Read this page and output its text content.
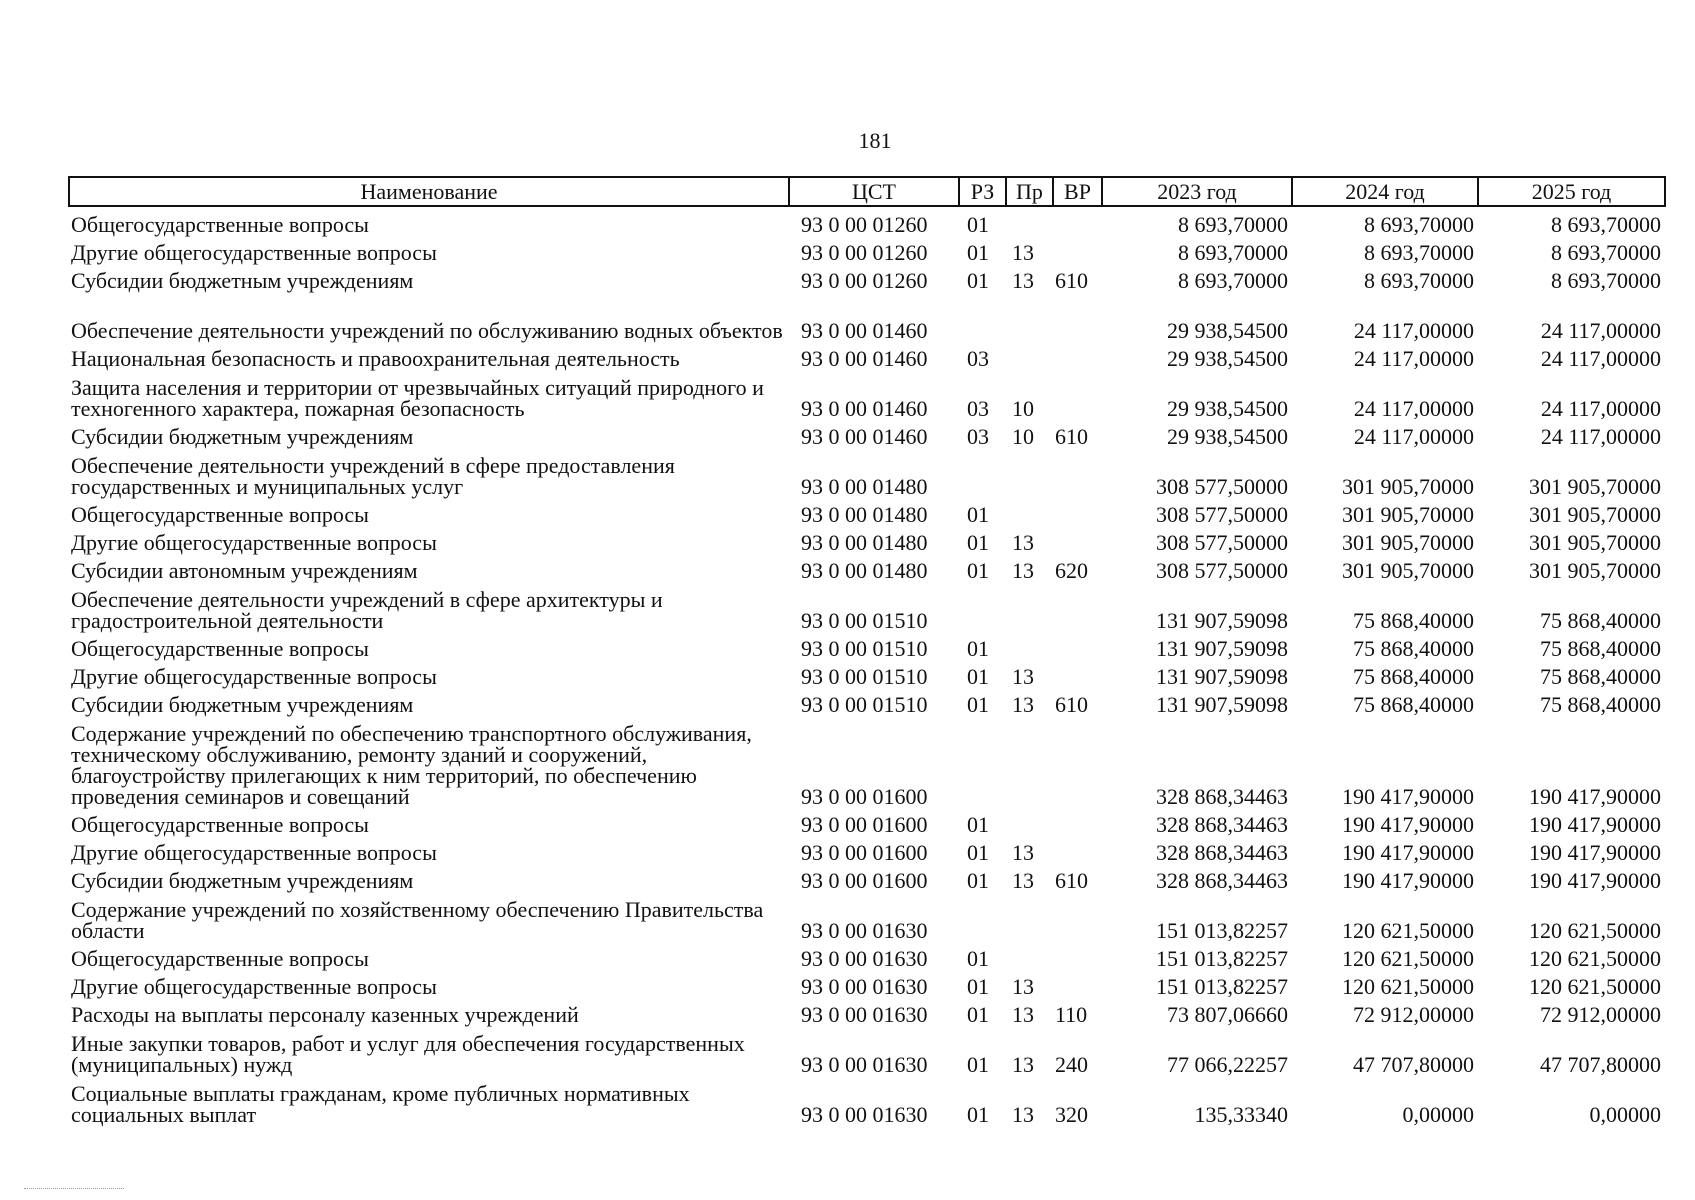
181
Наименование	ЦСТ	РЗ	Пр	ВР	2023 год	2024 год	2025 год
Общегосударственные вопросы	93 0 00 01260	01			8 693,70000	8 693,70000	8 693,70000
Другие общегосударственные вопросы	93 0 00 01260	01	13		8 693,70000	8 693,70000	8 693,70000
Субсидии бюджетным учреждениям	93 0 00 01260	01	13	610	8 693,70000	8 693,70000	8 693,70000
Обеспечение деятельности учреждений по обслуживанию водных объектов	93 0 00 01460				29 938,54500	24 117,00000	24 117,00000
Национальная безопасность и правоохранительная деятельность	93 0 00 01460	03			29 938,54500	24 117,00000	24 117,00000
Защита населения и территории от чрезвычайных ситуаций природного и техногенного характера, пожарная безопасность	93 0 00 01460	03	10		29 938,54500	24 117,00000	24 117,00000
Субсидии бюджетным учреждениям	93 0 00 01460	03	10	610	29 938,54500	24 117,00000	24 117,00000
Обеспечение деятельности учреждений в сфере предоставления государственных и муниципальных услуг	93 0 00 01480				308 577,50000	301 905,70000	301 905,70000
Общегосударственные вопросы	93 0 00 01480	01			308 577,50000	301 905,70000	301 905,70000
Другие общегосударственные вопросы	93 0 00 01480	01	13		308 577,50000	301 905,70000	301 905,70000
Субсидии автономным учреждениям	93 0 00 01480	01	13	620	308 577,50000	301 905,70000	301 905,70000
Обеспечение деятельности учреждений в сфере архитектуры и градостроительной деятельности	93 0 00 01510				131 907,59098	75 868,40000	75 868,40000
Общегосударственные вопросы	93 0 00 01510	01			131 907,59098	75 868,40000	75 868,40000
Другие общегосударственные вопросы	93 0 00 01510	01	13		131 907,59098	75 868,40000	75 868,40000
Субсидии бюджетным учреждениям	93 0 00 01510	01	13	610	131 907,59098	75 868,40000	75 868,40000
Содержание учреждений по обеспечению транспортного обслуживания, техническому обслуживанию, ремонту зданий и сооружений, благоустройству прилегающих к ним территорий, по обеспечению проведения семинаров и совещаний	93 0 00 01600				328 868,34463	190 417,90000	190 417,90000
Общегосударственные вопросы	93 0 00 01600	01			328 868,34463	190 417,90000	190 417,90000
Другие общегосударственные вопросы	93 0 00 01600	01	13		328 868,34463	190 417,90000	190 417,90000
Субсидии бюджетным учреждениям	93 0 00 01600	01	13	610	328 868,34463	190 417,90000	190 417,90000
Содержание учреждений по хозяйственному обеспечению Правительства области	93 0 00 01630				151 013,82257	120 621,50000	120 621,50000
Общегосударственные вопросы	93 0 00 01630	01			151 013,82257	120 621,50000	120 621,50000
Другие общегосударственные вопросы	93 0 00 01630	01	13		151 013,82257	120 621,50000	120 621,50000
Расходы на выплаты персоналу казенных учреждений	93 0 00 01630	01	13	110	73 807,06660	72 912,00000	72 912,00000
Иные закупки товаров, работ и услуг для обеспечения государственных (муниципальных) нужд	93 0 00 01630	01	13	240	77 066,22257	47 707,80000	47 707,80000
Социальные выплаты гражданам, кроме публичных нормативных социальных выплат	93 0 00 01630	01	13	320	135,33340	0,00000	0,00000
